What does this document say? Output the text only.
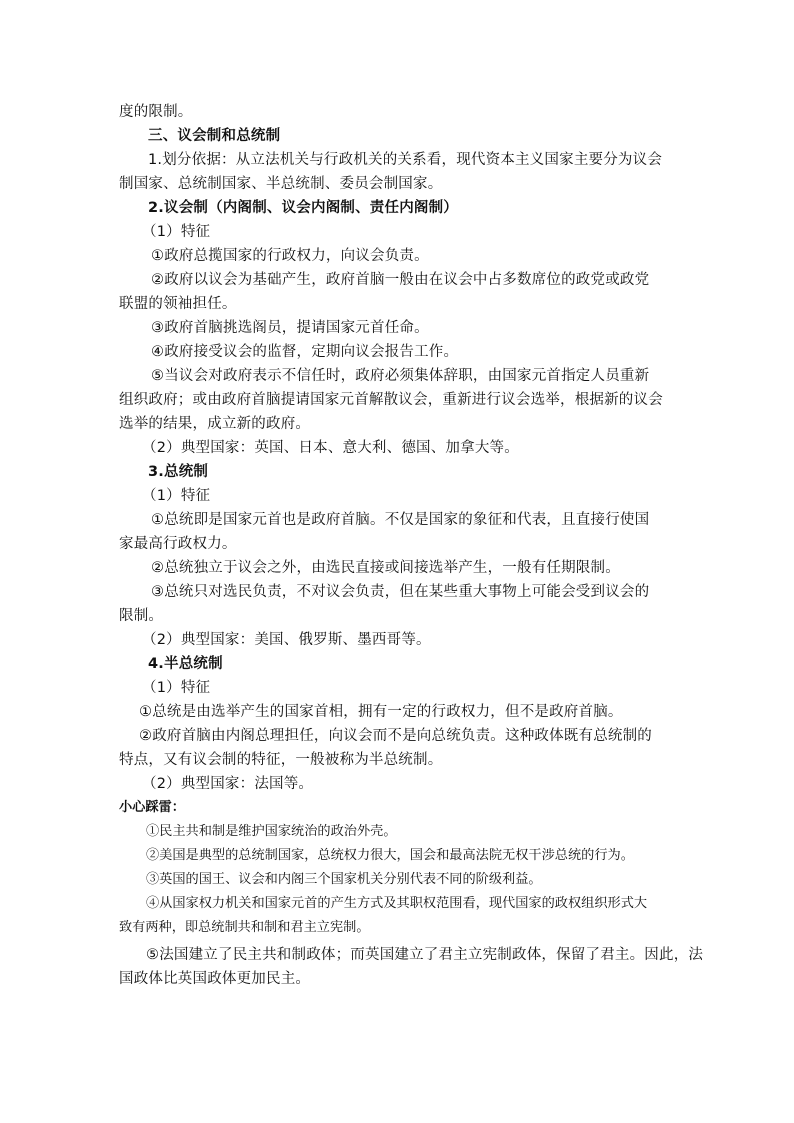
度的限制。
三、议会制和总统制
1.划分依据：从立法机关与行政机关的关系看，现代资本主义国家主要分为议会
制国家、总统制国家、半总统制、委员会制国家。
2.议会制（内阁制、议会内阁制、责任内阁制）
（1）特征
①政府总揽国家的行政权力，向议会负责。
②政府以议会为基础产生，政府首脑一般由在议会中占多数席位的政党或政党
联盟的领袖担任。
③政府首脑挑选阁员，提请国家元首任命。
④政府接受议会的监督，定期向议会报告工作。
⑤当议会对政府表示不信任时，政府必须集体辞职，由国家元首指定人员重新
组织政府；或由政府首脑提请国家元首解散议会，重新进行议会选举，根据新的议会
选举的结果，成立新的政府。
（2）典型国家：英国、日本、意大利、德国、加拿大等。
3.总统制
（1）特征
①总统即是国家元首也是政府首脑。不仅是国家的象征和代表，且直接行使国
家最高行政权力。
②总统独立于议会之外，由选民直接或间接选举产生，一般有任期限制。
③总统只对选民负责，不对议会负责，但在某些重大事物上可能会受到议会的
限制。
（2）典型国家：美国、俄罗斯、墨西哥等。
4.半总统制
（1）特征
①总统是由选举产生的国家首相，拥有一定的行政权力，但不是政府首脑。
②政府首脑由内阁总理担任，向议会而不是向总统负责。这种政体既有总统制的
特点，又有议会制的特征，一般被称为半总统制。
（2）典型国家：法国等。
小心踩雷：
①民主共和制是维护国家统治的政治外壳。
②美国是典型的总统制国家，总统权力很大，国会和最高法院无权干涉总统的行为。
③英国的国王、议会和内阁三个国家机关分别代表不同的阶级利益。
④从国家权力机关和国家元首的产生方式及其职权范围看，现代国家的政权组织形式大
致有两种，即总统制共和制和君主立宪制。
⑤法国建立了民主共和制政体；而英国建立了君主立宪制政体，保留了君主。因此，法
国政体比英国政体更加民主。
